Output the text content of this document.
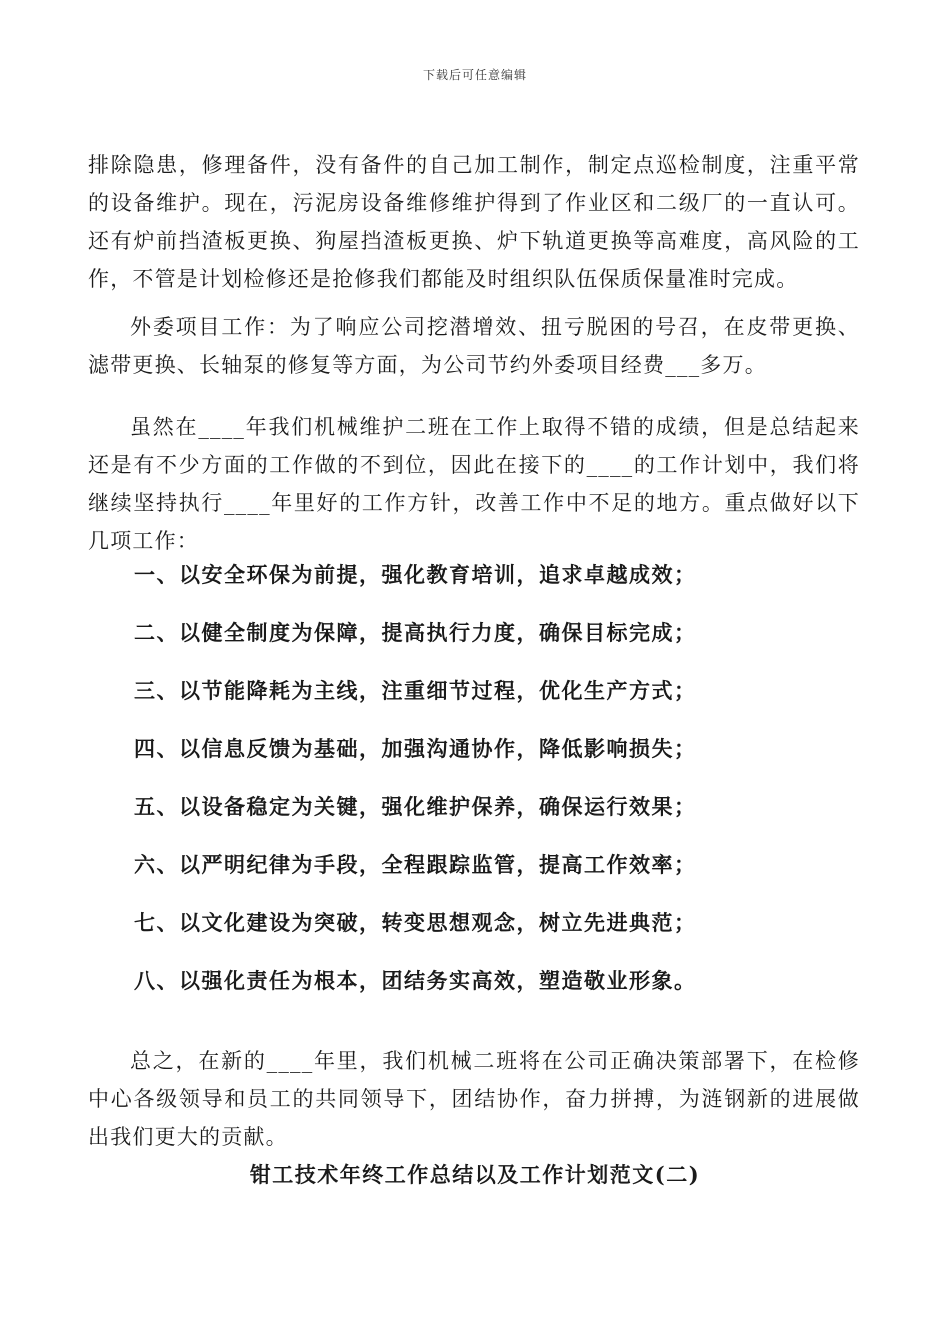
下载后可任意编辑

排除隐患，修理备件，没有备件的自己加工制作，制定点巡检制度，注重平常的设备维护。现在，污泥房设备维修维护得到了作业区和二级厂的一直认可。还有炉前挡渣板更换、狗屋挡渣板更换、炉下轨道更换等高难度，高风险的工作，不管是计划检修还是抢修我们都能及时组织队伍保质保量准时完成。

外委项目工作：为了响应公司挖潜增效、扭亏脱困的号召，在皮带更换、滤带更换、长轴泵的修复等方面，为公司节约外委项目经费___多万。

虽然在____年我们机械维护二班在工作上取得不错的成绩，但是总结起来还是有不少方面的工作做的不到位，因此在接下的____的工作计划中，我们将继续坚持执行____年里好的工作方针，改善工作中不足的地方。重点做好以下几项工作：

一、以安全环保为前提，强化教育培训，追求卓越成效；
二、以健全制度为保障，提高执行力度，确保目标完成；
三、以节能降耗为主线，注重细节过程，优化生产方式；
四、以信息反馈为基础，加强沟通协作，降低影响损失；
五、以设备稳定为关键，强化维护保养，确保运行效果；
六、以严明纪律为手段，全程跟踪监管，提高工作效率；
七、以文化建设为突破，转变思想观念，树立先进典范；
八、以强化责任为根本，团结务实高效，塑造敬业形象。

总之，在新的____年里，我们机械二班将在公司正确决策部署下，在检修中心各级领导和员工的共同领导下，团结协作，奋力拼搏，为涟钢新的进展做出我们更大的贡献。

钳工技术年终工作总结以及工作计划范文(二)
